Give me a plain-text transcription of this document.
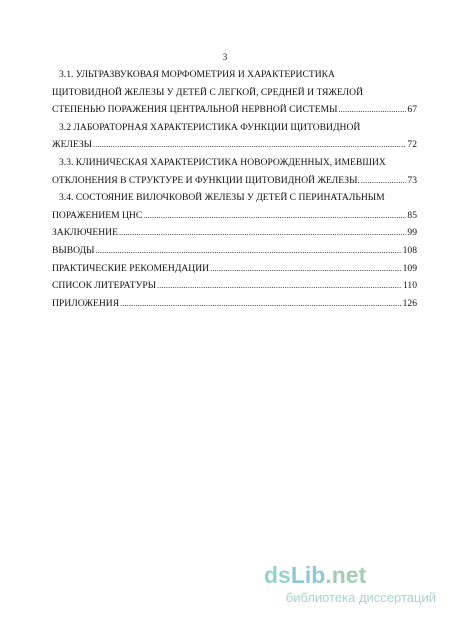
3
3.1. УЛЬТРАЗВУКОВАЯ МОРФОМЕТРИЯ И ХАРАКТЕРИСТИКА
ЩИТОВИДНОЙ ЖЕЛЕЗЫ У ДЕТЕЙ С ЛЕГКОЙ, СРЕДНЕЙ И ТЯЖЕЛОЙ
СТЕПЕНЬЮ ПОРАЖЕНИЯ ЦЕНТРАЛЬНОЙ НЕРВНОЙ СИСТЕМЫ .....	67
3.2 ЛАБОРАТОРНАЯ ХАРАКТЕРИСТИКА ФУНКЦИИ ЩИТОВИДНОЙ
ЖЕЛЕЗЫ .....	72
3.3. КЛИНИЧЕСКАЯ ХАРАКТЕРИСТИКА НОВОРОЖДЕННЫХ, ИМЕВШИХ
ОТКЛОНЕНИЯ В СТРУКТУРЕ И ФУНКЦИИ ЩИТОВИДНОЙ ЖЕЛЕЗЫ. .....	73
3.4. СОСТОЯНИЕ ВИЛОЧКОВОЙ ЖЕЛЕЗЫ У ДЕТЕЙ С ПЕРИНАТАЛЬНЫМ
ПОРАЖЕНИЕМ ЦНС .....	85
ЗАКЛЮЧЕНИЕ .....	99
ВЫВОДЫ .....	108
ПРАКТИЧЕСКИЕ РЕКОМЕНДАЦИИ .....	109
СПИСОК ЛИТЕРАТУРЫ .....	110
ПРИЛОЖЕНИЯ .....	126
ds Lib .net
библиотека диссертаций
